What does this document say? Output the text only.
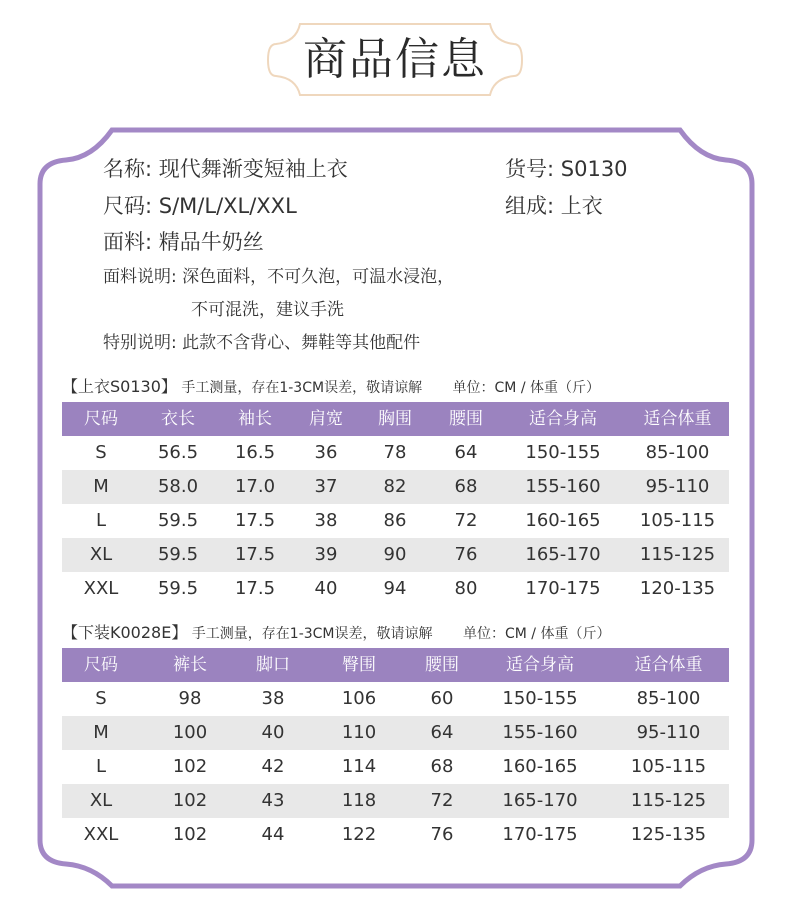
商品信息
名称: 现代舞渐变短袖上衣	货号: S0130
尺码: S/M/L/XL/XXL	组成: 上衣
面料: 精品牛奶丝
面料说明: 深色面料，不可久泡，可温水浸泡，
不可混洗，建议手洗
特别说明: 此款不含背心、舞鞋等其他配件
【上衣S0130】 手工测量，存在1-3CM误差，敬请谅解 单位：CM / 体重（斤）
尺码	衣长	袖长	肩宽	胸围	腰围	适合身高	适合体重
S	56.5	16.5	36	78	64	150-155	85-100
M	58.0	17.0	37	82	68	155-160	95-110
L	59.5	17.5	38	86	72	160-165	105-115
XL	59.5	17.5	39	90	76	165-170	115-125
XXL	59.5	17.5	40	94	80	170-175	120-135
【下装K0028E】 手工测量，存在1-3CM误差，敬请谅解 单位：CM / 体重（斤）
尺码	裤长	脚口	臀围	腰围	适合身高	适合体重
S	98	38	106	60	150-155	85-100
M	100	40	110	64	155-160	95-110
L	102	42	114	68	160-165	105-115
XL	102	43	118	72	165-170	115-125
XXL	102	44	122	76	170-175	125-135
